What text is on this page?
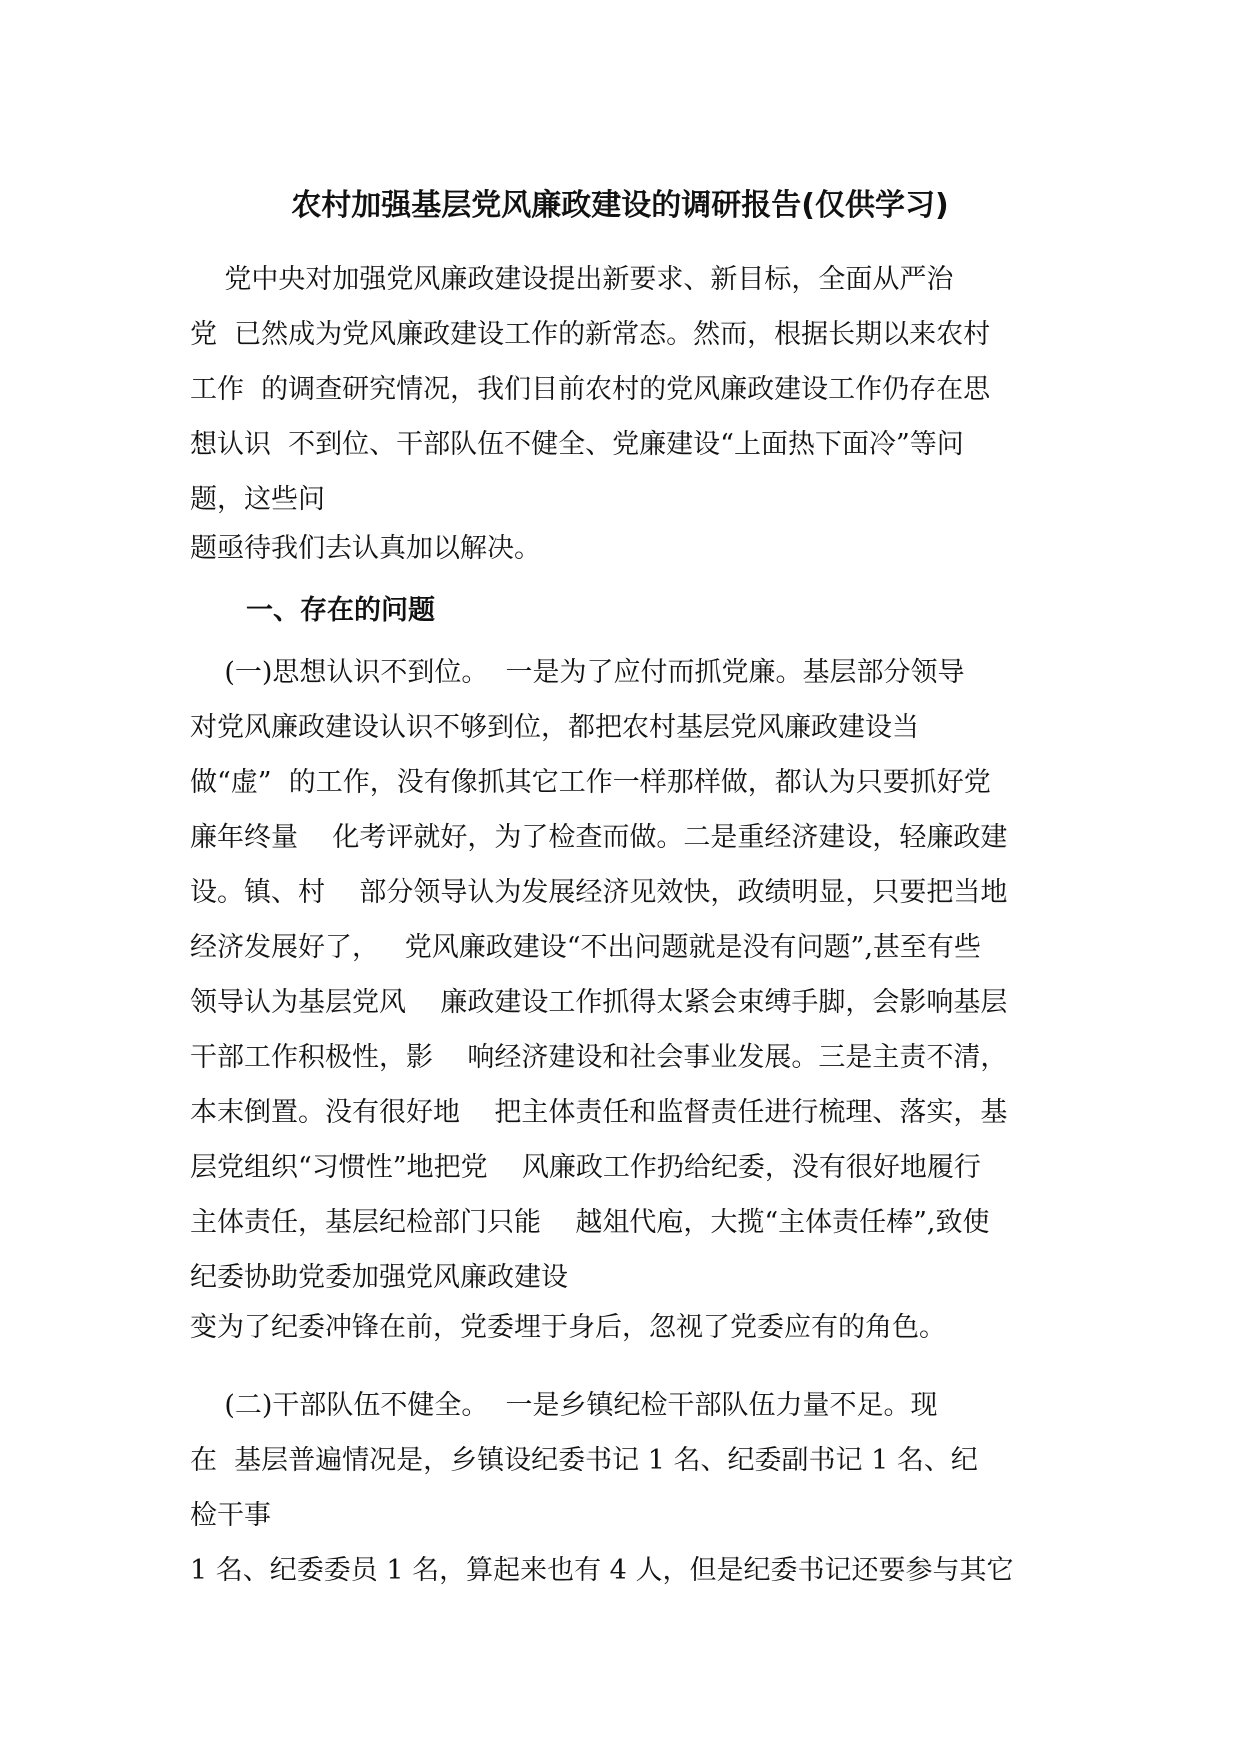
农村加强基层党风廉政建设的调研报告(仅供学习)
党中央对加强党风廉政建设提出新要求、新目标，全面从严治
党  已然成为党风廉政建设工作的新常态。然而，根据长期以来农村
工作  的调查研究情况，我们目前农村的党风廉政建设工作仍存在思
想认识  不到位、干部队伍不健全、党廉建设“上面热下面冷”等问
题，这些问
题亟待我们去认真加以解决。
一、存在的问题
(一)思想认识不到位。  一是为了应付而抓党廉。基层部分领导
对党风廉政建设认识不够到位，都把农村基层党风廉政建设当
做“虚”  的工作，没有像抓其它工作一样那样做，都认为只要抓好党
廉年终量    化考评就好，为了检查而做。二是重经济建设，轻廉政建
设。镇、村    部分领导认为发展经济见效快，政绩明显，只要把当地
经济发展好了，   党风廉政建设“不出问题就是没有问题”,甚至有些
领导认为基层党风    廉政建设工作抓得太紧会束缚手脚，会影响基层
干部工作积极性，影    响经济建设和社会事业发展。三是主责不清，
本末倒置。没有很好地    把主体责任和监督责任进行梳理、落实，基
层党组织“习惯性”地把党    风廉政工作扔给纪委，没有很好地履行
主体责任，基层纪检部门只能    越俎代庖，大揽“主体责任棒”,致使
纪委协助党委加强党风廉政建设
变为了纪委冲锋在前，党委埋于身后，忽视了党委应有的角色。
(二)干部队伍不健全。  一是乡镇纪检干部队伍力量不足。现
在  基层普遍情况是，乡镇设纪委书记 1 名、纪委副书记 1 名、纪
检干事
1 名、纪委委员 1 名，算起来也有 4 人，但是纪委书记还要参与其它
